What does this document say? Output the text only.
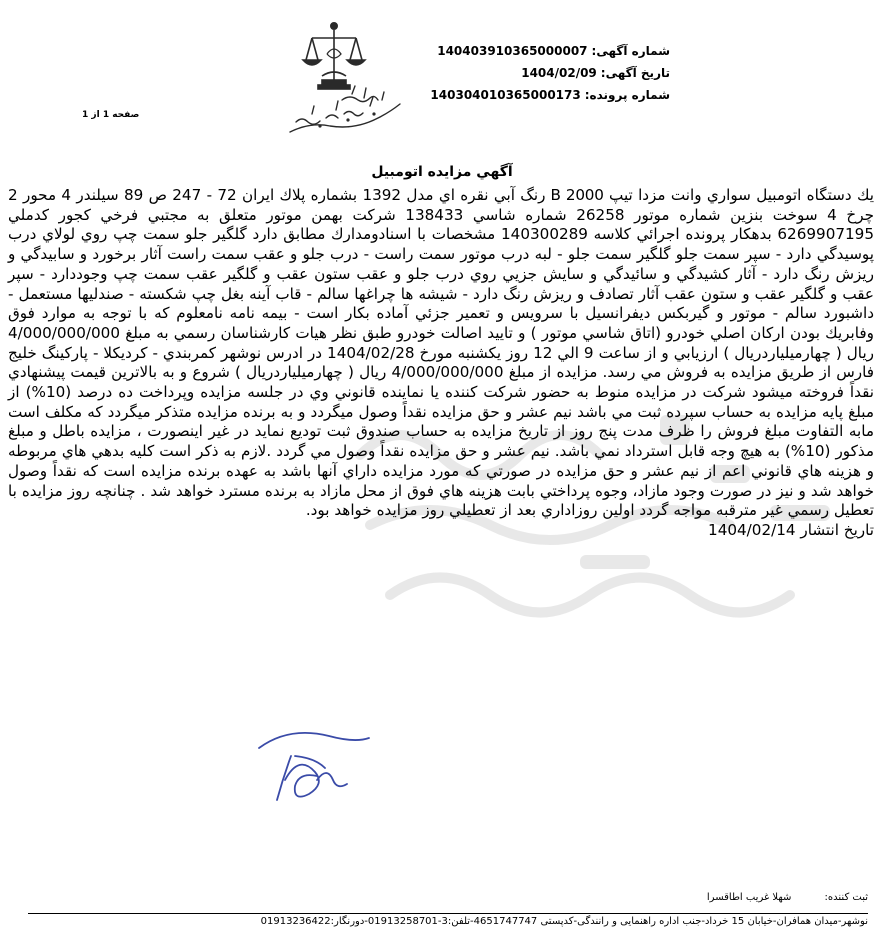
شماره آگهی:140403910365000007
تاریخ آگهی:1404/02/09
شماره پرونده:140304010365000173
صفحه 1 از 1
آگهي مزايده اتومبيل
يك دستگاه اتومبيل سواري وانت مزدا تيپ B 2000 رنگ آبي نقره اي مدل 1392 بشماره پلاك ايران 72 - 247 ص 89 سيلندر 4 محور 2 چرخ 4 سوخت بنزين شماره موتور 26258 شماره شاسي 138433 شركت بهمن موتور متعلق به مجتبي فرخي كجور كدملي 6269907195 بدهكار پرونده اجرائي كلاسه 140300289 مشخصات با اسنادومدارك مطابق دارد گلگير جلو سمت چپ روي لولاي درب پوسيدگي دارد - سپر سمت جلو گلگير سمت جلو - لبه درب موتور سمت راست - درب جلو و عقب سمت راست آثار برخورد و سابيدگي و ريزش رنگ دارد - آثار كشيدگي و سائيدگي و سايش جزيي روي درب جلو و عقب ستون عقب و گلگير عقب سمت چپ وجوددارد - سپر عقب و گلگير عقب و ستون عقب آثار تصادف و ريزش رنگ دارد - شيشه ها چراغها سالم - قاب آينه بغل چپ شكسته - صندليها مستعمل - داشبورد سالم - موتور و گيربكس ديفرانسيل با سرويس و تعمير جزئي آماده بكار است - بيمه نامه نامعلوم كه با توجه به موارد فوق وفابريك بودن اركان اصلي خودرو (اتاق شاسي موتور ) و تاييد اصالت خودرو طبق نظر هيات كارشناسان رسمي به مبلغ 4/000/000/000 ريال ( چهارميلياردريال ) ارزيابي و از ساعت 9 الي 12 روز يكشنبه مورخ 1404/02/28 در ادرس نوشهر كمربندي - كرديكلا - پاركينگ خليج فارس از طريق مزايده به فروش مي رسد. مزايده از مبلغ 4/000/000/000 ريال ( چهارميلياردريال ) شروع و به بالاترين قيمت پيشنهادي نقداً فروخته ميشود شركت در مزايده منوط به حضور شركت كننده يا نماينده قانوني وي در جلسه مزايده وپرداخت ده درصد (10%) از مبلغ پايه مزايده به حساب سپرده ثبت مي باشد نيم عشر و حق مزايده نقداً وصول ميگردد و به برنده مزايده متذكر ميگردد كه مكلف است مابه التفاوت مبلغ فروش را ظرف مدت پنج روز از تاريخ مزايده به حساب صندوق ثبت توديع نمايد در غير اينصورت ، مزايده باطل و مبلغ مذكور (10%) به هيچ وجه قابل استرداد نمي باشد. نيم عشر و حق مزايده نقداً وصول مي گردد .لازم به ذكر است كليه بدهي هاي مربوطه و هزينه هاي قانوني اعم از نيم عشر و حق مزايده در صورتي كه مورد مزايده داراي آنها باشد به عهده برنده مزايده است كه نقداً وصول خواهد شد و نيز در صورت وجود مازاد، وجوه پرداختي بابت هزينه هاي فوق از محل مازاد به برنده مسترد خواهد شد . چنانچه روز مزايده با تعطيل رسمي غير مترقبه مواجه گردد اولين روزاداري بعد از تعطيلي روز مزايده خواهد بود.
تاريخ انتشار 1404/02/14
ثبت کننده: شهلا غریب اطاقسرا
نوشهر-میدان همافران-خیابان 15 خرداد-جنب اداره راهنمایی و رانندگی-کدپستی 4651747747-تلفن:3-01913258701-دورنگار:01913236422
